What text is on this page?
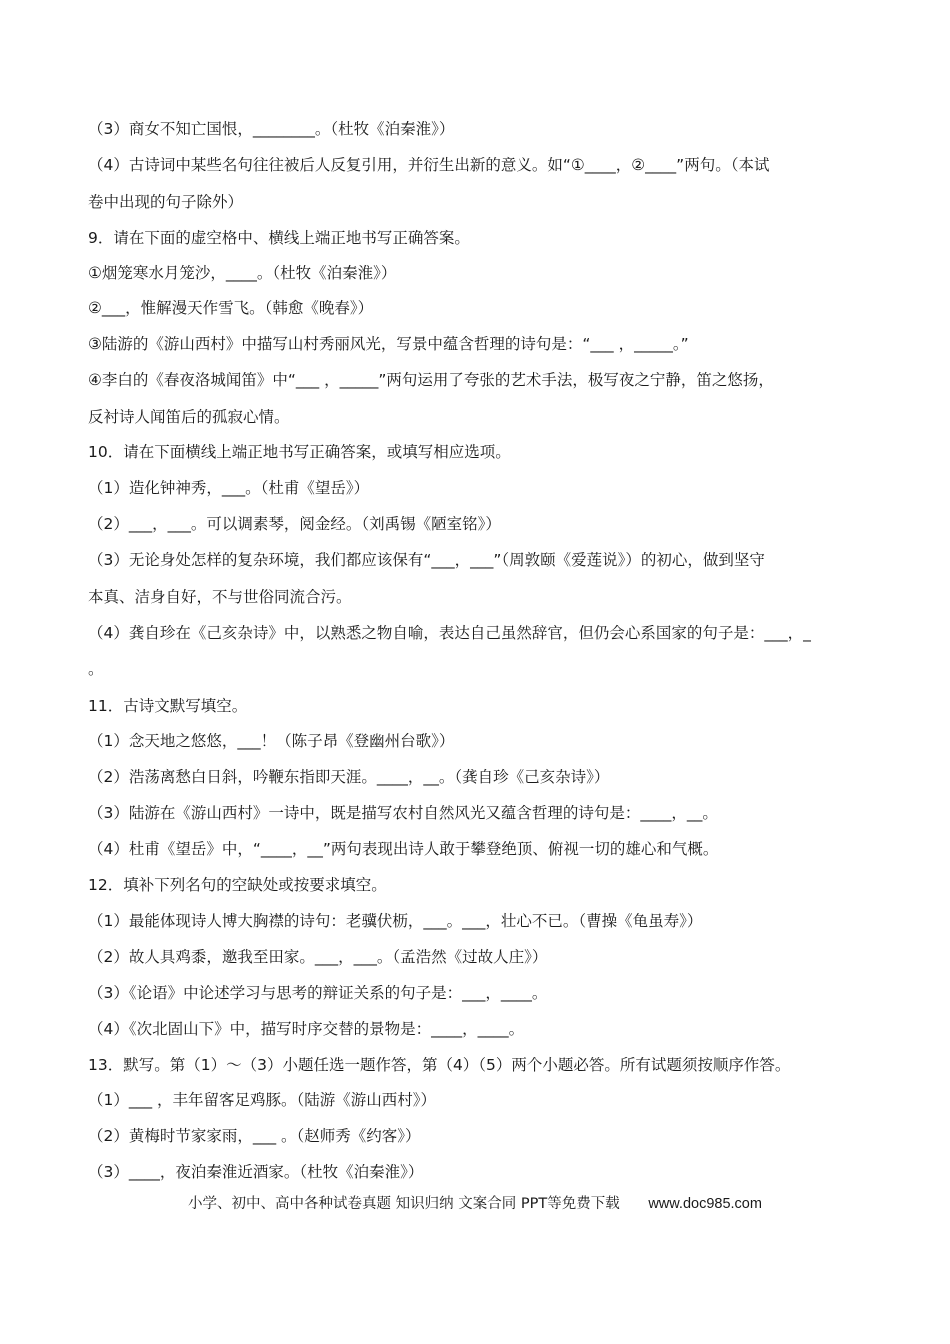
（3）商女不知亡国恨，________。（杜牧《泊秦淮》）
（4）古诗词中某些名句往往被后人反复引用，并衍生出新的意义。如“①____，②____”两句。（本试
卷中出现的句子除外）
9．请在下面的虚空格中、横线上端正地书写正确答案。
①烟笼寒水月笼沙，____。（杜牧《泊秦淮》）
②___，惟解漫天作雪飞。（韩愈《晚春》）
③陆游的《游山西村》中描写山村秀丽风光，写景中蕴含哲理的诗句是：“___ ，_____。”
④李白的《春夜洛城闻笛》中“___ ，_____”两句运用了夸张的艺术手法，极写夜之宁静，笛之悠扬，
反衬诗人闻笛后的孤寂心情。
10．请在下面横线上端正地书写正确答案，或填写相应选项。
（1）造化钟神秀，___。（杜甫《望岳》）
（2）___，___。可以调素琴，阅金经。（刘禹锡《陋室铭》）
（3）无论身处怎样的复杂环境，我们都应该保有“___，___”（周敦颐《爱莲说》）的初心，做到坚守
本真、洁身自好，不与世俗同流合污。
（4）龚自珍在《己亥杂诗》中，以熟悉之物自喻，表达自己虽然辞官，但仍会心系国家的句子是：___，_
。
11．古诗文默写填空。
（1）念天地之悠悠，___！（陈子昂《登幽州台歌》）
（2）浩荡离愁白日斜，吟鞭东指即天涯。____，__。（龚自珍《己亥杂诗》）
（3）陆游在《游山西村》一诗中，既是描写农村自然风光又蕴含哲理的诗句是：____，__。
（4）杜甫《望岳》中，“____，__”两句表现出诗人敢于攀登绝顶、俯视一切的雄心和气概。
12．填补下列名句的空缺处或按要求填空。
（1）最能体现诗人博大胸襟的诗句：老骥伏枥，___。___，壮心不已。（曹操《龟虽寿》）
（2）故人具鸡黍，邀我至田家。___，___。（孟浩然《过故人庄》）
（3）《论语》中论述学习与思考的辩证关系的句子是：___，____。
（4）《次北固山下》中，描写时序交替的景物是：____，____。
13．默写。第（1）～（3）小题任选一题作答，第（4）（5）两个小题必答。所有试题须按顺序作答。
（1）___ ，丰年留客足鸡豚。（陆游《游山西村》）
（2）黄梅时节家家雨，___ 。（赵师秀《约客》）
（3）____，夜泊秦淮近酒家。（杜牧《泊秦淮》）
小学、初中、高中各种试卷真题 知识归纳 文案合同 PPT等免费下载 www.doc985.com
